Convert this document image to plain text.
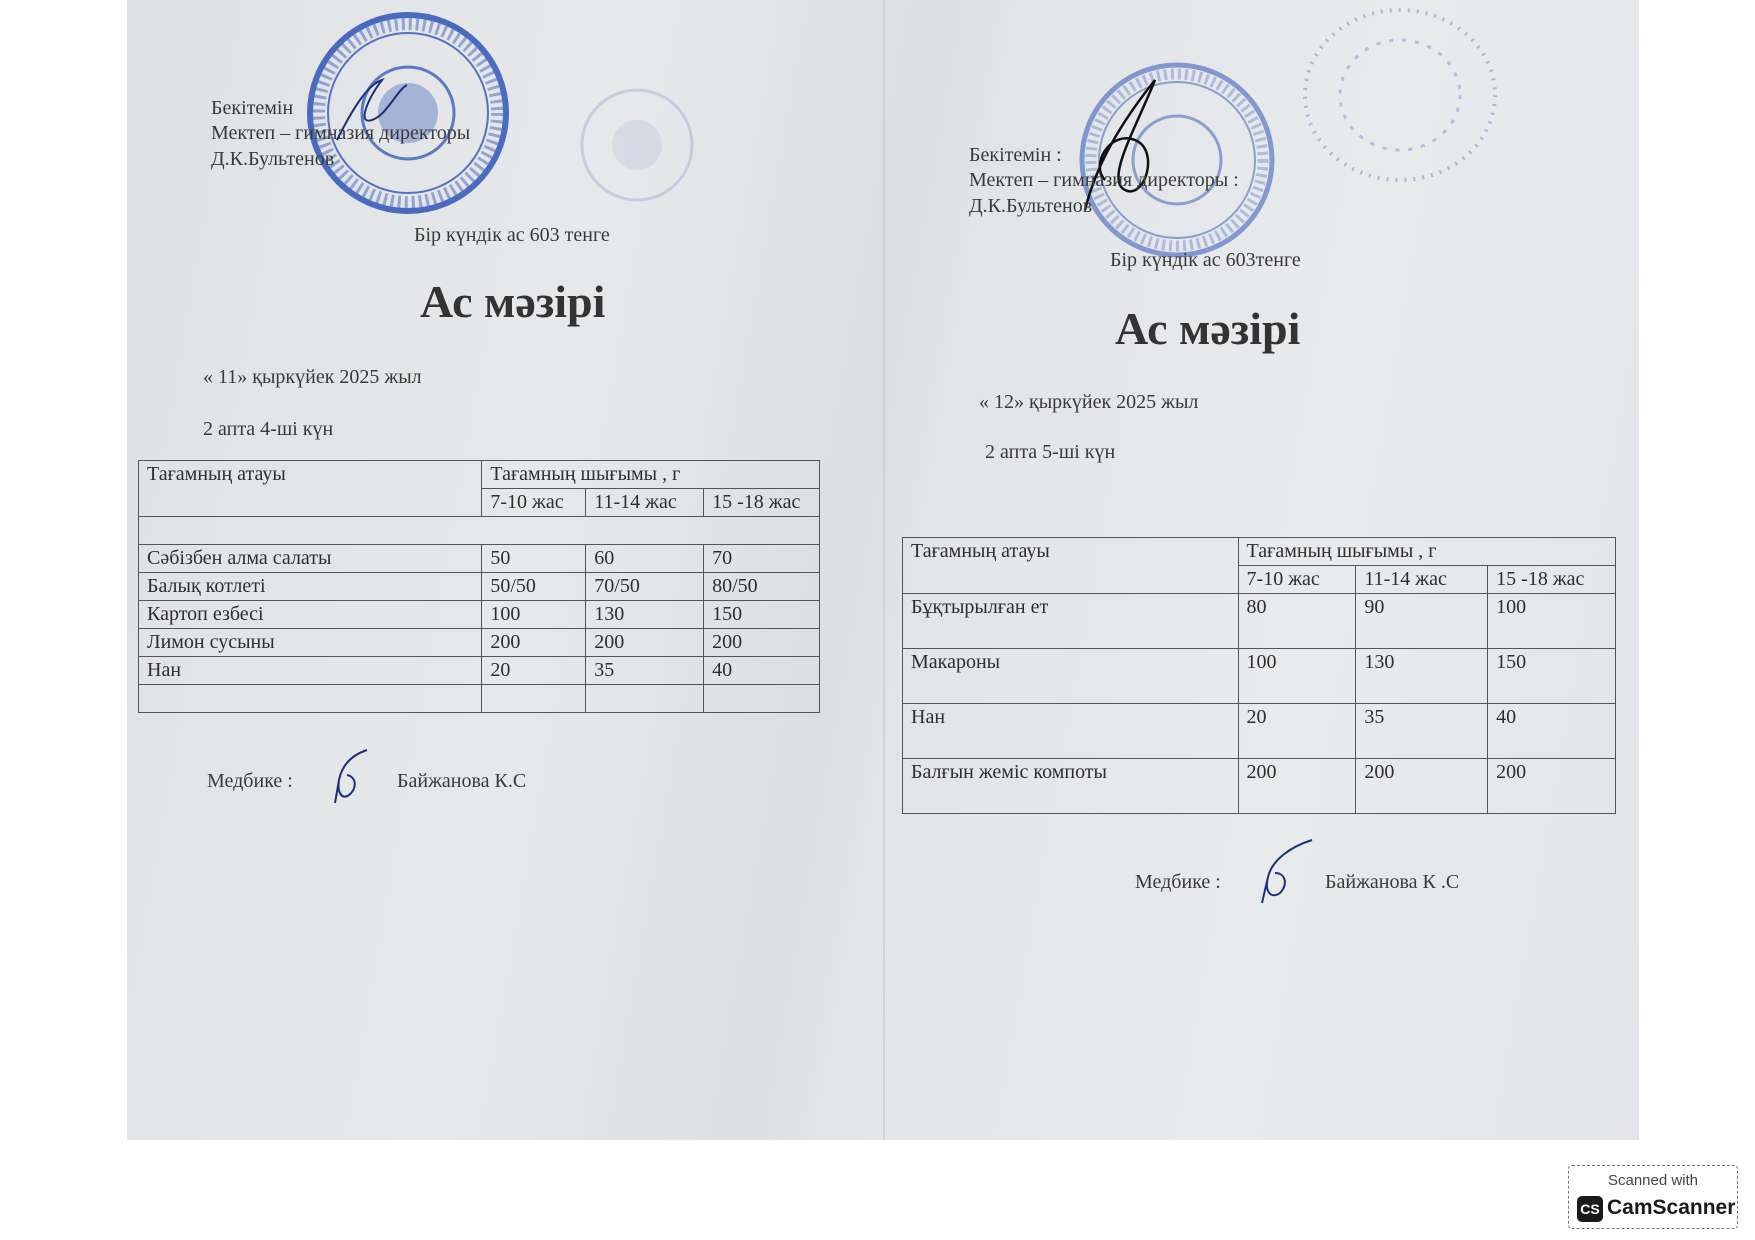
Бекітемін
Мектеп – гимназия директоры
Д.К.Бультенов
Бір күндік ас 603 тенге
Ас мәзірі
« 11» қыркүйек 2025 жыл
2 апта 4-ші күн
Тағамның атауы	Тағамның шығымы , г		
	7-10 жас	11-14 жас	15 -18 жас

Сәбізбен алма салаты	50	60	70
Балық котлеті	50/50	70/50	80/50
Картоп езбесі	100	130	150
Лимон сусыны	200	200	200
Нан	20	35	40

Медбике :	Байжанова К.С
Бекітемін :
Мектеп – гимназия директоры :
Д.К.Бультенов
Бір күндік ас 603тенге
Ас мәзірі
« 12» қыркүйек 2025 жыл
2 апта 5-ші күн
Тағамның атауы	Тағамның шығымы , г		
	7-10 жас	11-14 жас	15 -18 жас
Бұқтырылған ет	80	90	100
Макароны	100	130	150
Нан	20	35	40
Балғын жеміс компоты	200	200	200
Медбике :	Байжанова К .С
Scanned with
CS CamScanner
